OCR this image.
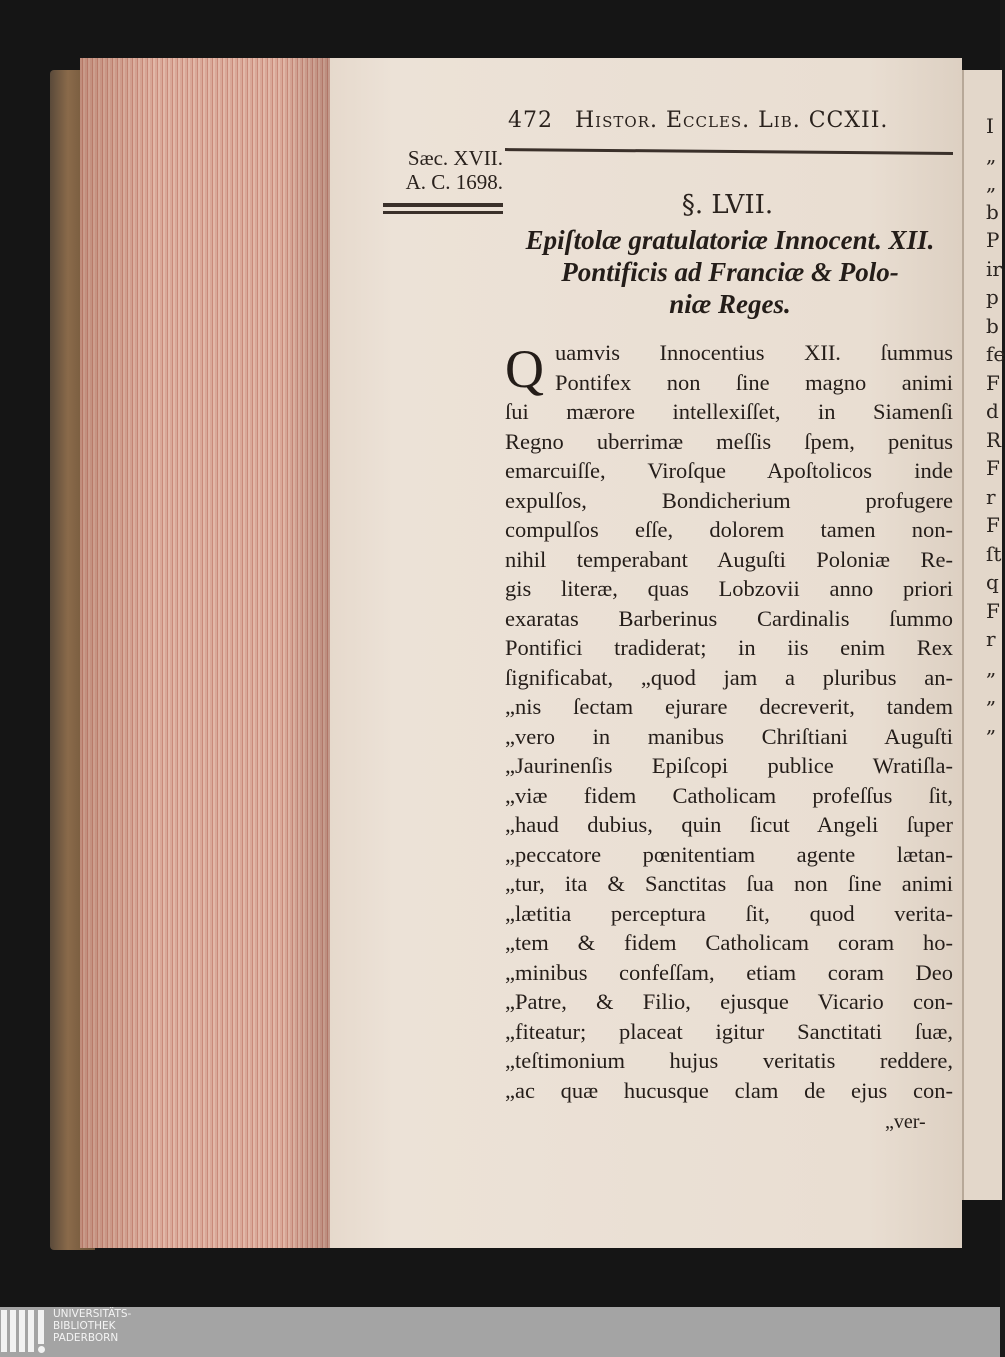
I
„
„
b
P
ir
p
b
fe
F
d
R
F
r
F
ſt
q
F
r
„
„
„
472 Histor. Eccles. Lib. CCXII.
Sæc. XVII.
A. C. 1698.
§. LVII.
Epiſtolæ gratulatoriæ Innocent. XII.
Pontificis ad Franciæ & Polo-
niæ Reges.
Q uamvis Innocentius XII. ſummus
Pontifex non ſine magno animi
ſui mærore intellexiſſet, in Siamenſi
Regno uberrimæ meſſis ſpem, penitus
emarcuiſſe, Viroſque Apoſtolicos inde
expulſos, Bondicherium profugere
compulſos eſſe, dolorem tamen non-
nihil temperabant Auguſti Poloniæ Re-
gis literæ, quas Lobzovii anno priori
exaratas Barberinus Cardinalis ſummo
Pontifici tradiderat; in iis enim Rex
ſignificabat, „quod jam a pluribus an-
„nis ſectam ejurare decreverit, tandem
„vero in manibus Chriſtiani Auguſti
„Jaurinenſis Epiſcopi publice Wratiſla-
„viæ fidem Catholicam profeſſus ſit,
„haud dubius, quin ſicut Angeli ſuper
„peccatore pœnitentiam agente lætan-
„tur, ita & Sanctitas ſua non ſine animi
„lætitia perceptura ſit, quod verita-
„tem & fidem Catholicam coram ho-
„minibus confeſſam, etiam coram Deo
„Patre, & Filio, ejusque Vicario con-
„fiteatur; placeat igitur Sanctitati ſuæ,
„teſtimonium hujus veritatis reddere,
„ac quæ hucusque clam de ejus con-
„ver-
UNIVERSITÄTS-
BIBLIOTHEK
PADERBORN
